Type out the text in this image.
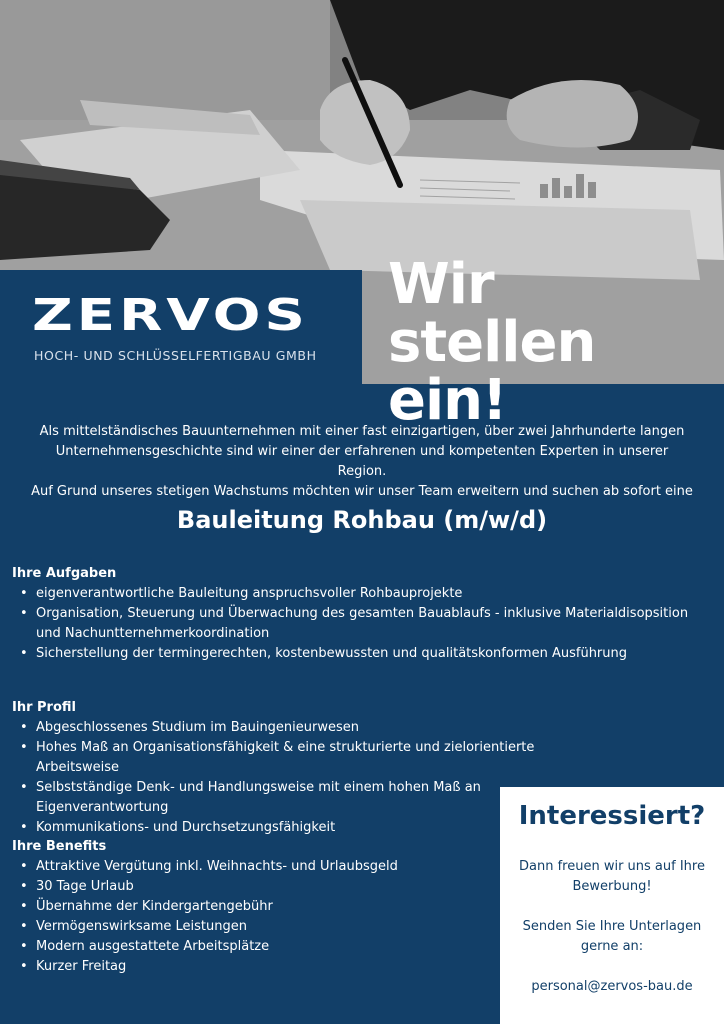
ZERVOS
HOCH- UND SCHLÜSSELFERTIGBAU GMBH
Wir stellen
ein!
Als mittelständisches Bauunternehmen mit einer fast einzigartigen, über zwei Jahrhunderte langen
Unternehmensgeschichte sind wir einer der erfahrenen und kompetenten Experten in unserer Region.
Auf Grund unseres stetigen Wachstums möchten wir unser Team erweitern und suchen ab sofort eine
Bauleitung Rohbau (m/w/d)
Ihre Aufgaben
• eigenverantwortliche Bauleitung anspruchsvoller Rohbauprojekte
• Organisation, Steuerung und Überwachung des gesamten Bauablaufs - inklusive Materialdisopsition und Nachuntternehmerkoordination
• Sicherstellung der termingerechten, kostenbewussten und qualitätskonformen Ausführung
Ihr Profil
• Abgeschlossenes Studium im Bauingenieurwesen
• Hohes Maß an Organisationsfähigkeit & eine strukturierte und zielorientierte Arbeitsweise
• Selbstständige Denk- und Handlungsweise mit einem hohen Maß an Eigenverantwortung
• Kommunikations- und Durchsetzungsfähigkeit
Ihre Benefits
• Attraktive Vergütung inkl. Weihnachts- und Urlaubsgeld
• 30 Tage Urlaub
• Übernahme der Kindergartengebühr
• Vermögenswirksame Leistungen
• Modern ausgestattete Arbeitsplätze
• Kurzer Freitag
Interessiert?
Dann freuen wir uns auf Ihre
Bewerbung!
Senden Sie Ihre Unterlagen
gerne an:
personal@zervos-bau.de
